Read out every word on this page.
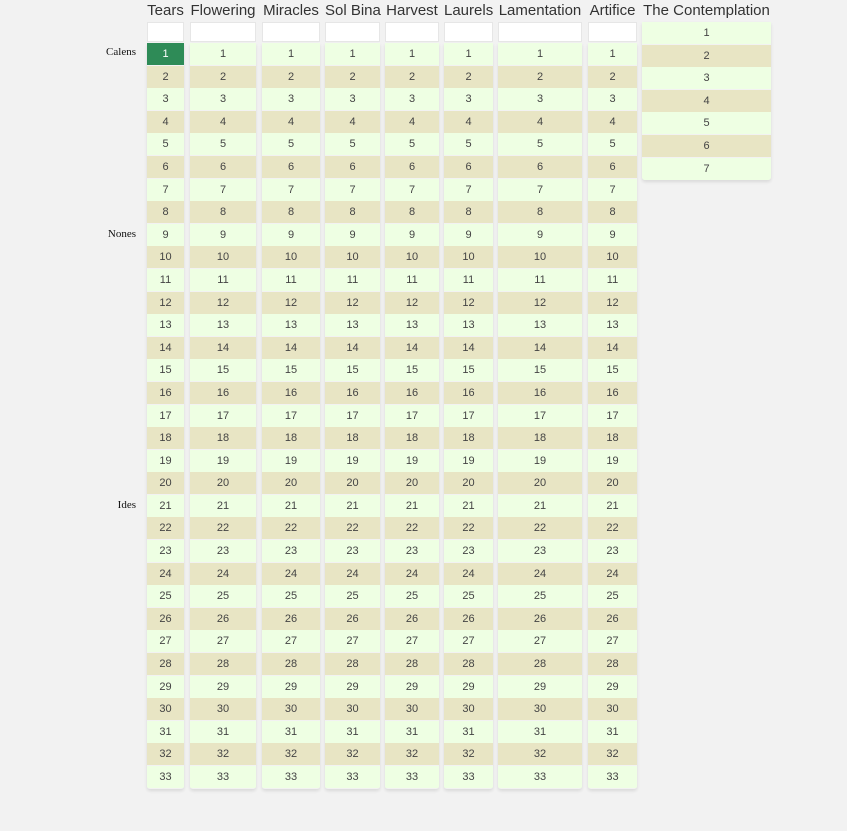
Calens
Nones
Ides
Tears
1
2
3
4
5
6
7
8
9
10
11
12
13
14
15
16
17
18
19
20
21
22
23
24
25
26
27
28
29
30
31
32
33
Flowering
1
2
3
4
5
6
7
8
9
10
11
12
13
14
15
16
17
18
19
20
21
22
23
24
25
26
27
28
29
30
31
32
33
Miracles
1
2
3
4
5
6
7
8
9
10
11
12
13
14
15
16
17
18
19
20
21
22
23
24
25
26
27
28
29
30
31
32
33
Sol Bina
1
2
3
4
5
6
7
8
9
10
11
12
13
14
15
16
17
18
19
20
21
22
23
24
25
26
27
28
29
30
31
32
33
Harvest
1
2
3
4
5
6
7
8
9
10
11
12
13
14
15
16
17
18
19
20
21
22
23
24
25
26
27
28
29
30
31
32
33
Laurels
1
2
3
4
5
6
7
8
9
10
11
12
13
14
15
16
17
18
19
20
21
22
23
24
25
26
27
28
29
30
31
32
33
Lamentation
1
2
3
4
5
6
7
8
9
10
11
12
13
14
15
16
17
18
19
20
21
22
23
24
25
26
27
28
29
30
31
32
33
Artifice
1
2
3
4
5
6
7
8
9
10
11
12
13
14
15
16
17
18
19
20
21
22
23
24
25
26
27
28
29
30
31
32
33
The Contemplation
1
2
3
4
5
6
7
